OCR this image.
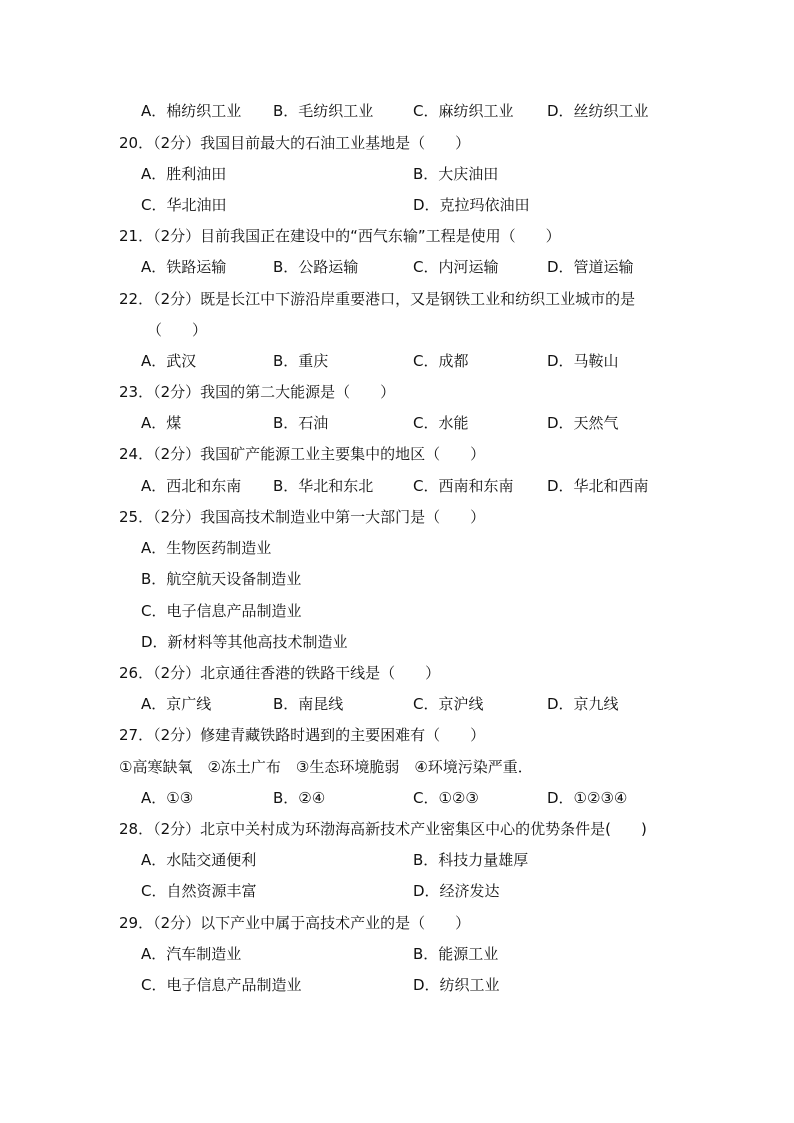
A．棉纺织工业 B．毛纺织工业	C．麻纺织工业 D．丝纺织工业
20．（2分）我国目前最大的石油工业基地是（　　）
A．胜利油田	B．大庆油田
C．华北油田	D．克拉玛依油田
21．（2分）目前我国正在建设中的“西气东输”工程是使用（　　）
A．铁路运输	B．公路运输	C．内河运输	D．管道运输
22．（2分）既是长江中下游沿岸重要港口，又是钢铁工业和纺织工业城市的是
（　　）
A．武汉	B．重庆	C．成都	D．马鞍山
23．（2分）我国的第二大能源是（　　）
A．煤	B．石油	C．水能	D．天然气
24．（2分）我国矿产能源工业主要集中的地区（　　）
A．西北和东南 B．华北和东北	C．西南和东南 D．华北和西南
25．（2分）我国高技术制造业中第一大部门是（　　）
A．生物医药制造业
B．航空航天设备制造业
C．电子信息产品制造业
D．新材料等其他高技术制造业
26．（2分）北京通往香港的铁路干线是（　　）
A．京广线	B．南昆线	C．京沪线	D．京九线
27．（2分）修建青藏铁路时遇到的主要困难有（　　）
①高寒缺氧　②冻土广布　③生态环境脆弱　④环境污染严重．
A．①③	B．②④	C．①②③	D．①②③④
28．（2分）北京中关村成为环渤海高新技术产业密集区中心的优势条件是(　　)
A．水陆交通便利	B．科技力量雄厚
C．自然资源丰富	D．经济发达
29．（2分）以下产业中属于高技术产业的是（　　）
A．汽车制造业	B．能源工业
C．电子信息产品制造业	D．纺织工业
